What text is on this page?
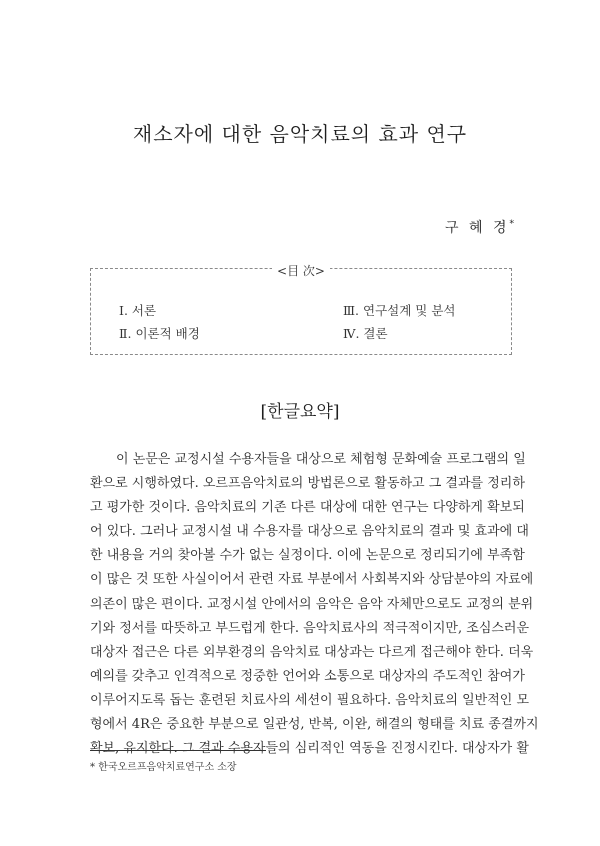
재소자에 대한 음악치료의 효과 연구
구 혜 경*
<目 次>
Ⅰ. 서론
Ⅱ. 이론적 배경
Ⅲ. 연구설계 및 분석
Ⅳ. 결론
[한글요약]
이 논문은 교정시설 수용자들을 대상으로 체험형 문화예술 프로그램의 일
환으로 시행하였다. 오르프음악치료의 방법론으로 활동하고 그 결과를 정리하
고 평가한 것이다. 음악치료의 기존 다른 대상에 대한 연구는 다양하게 확보되
어 있다. 그러나 교정시설 내 수용자를 대상으로 음악치료의 결과 및 효과에 대
한 내용을 거의 찾아볼 수가 없는 실정이다. 이에 논문으로 정리되기에 부족함
이 많은 것 또한 사실이어서 관련 자료 부분에서 사회복지와 상담분야의 자료에
의존이 많은 편이다. 교정시설 안에서의 음악은 음악 자체만으로도 교정의 분위
기와 정서를 따뜻하고 부드럽게 한다. 음악치료사의 적극적이지만, 조심스러운
대상자 접근은 다른 외부환경의 음악치료 대상과는 다르게 접근해야 한다. 더욱
예의를 갖추고 인격적으로 정중한 언어와 소통으로 대상자의 주도적인 참여가
이루어지도록 돕는 훈련된 치료사의 세션이 필요하다. 음악치료의 일반적인 모
형에서 4R은 중요한 부분으로 일관성, 반복, 이완, 해결의 형태를 치료 종결까지
확보, 유지한다. 그 결과 수용자들의 심리적인 역동을 진정시킨다. 대상자가 활
* 한국오르프음악치료연구소 소장
